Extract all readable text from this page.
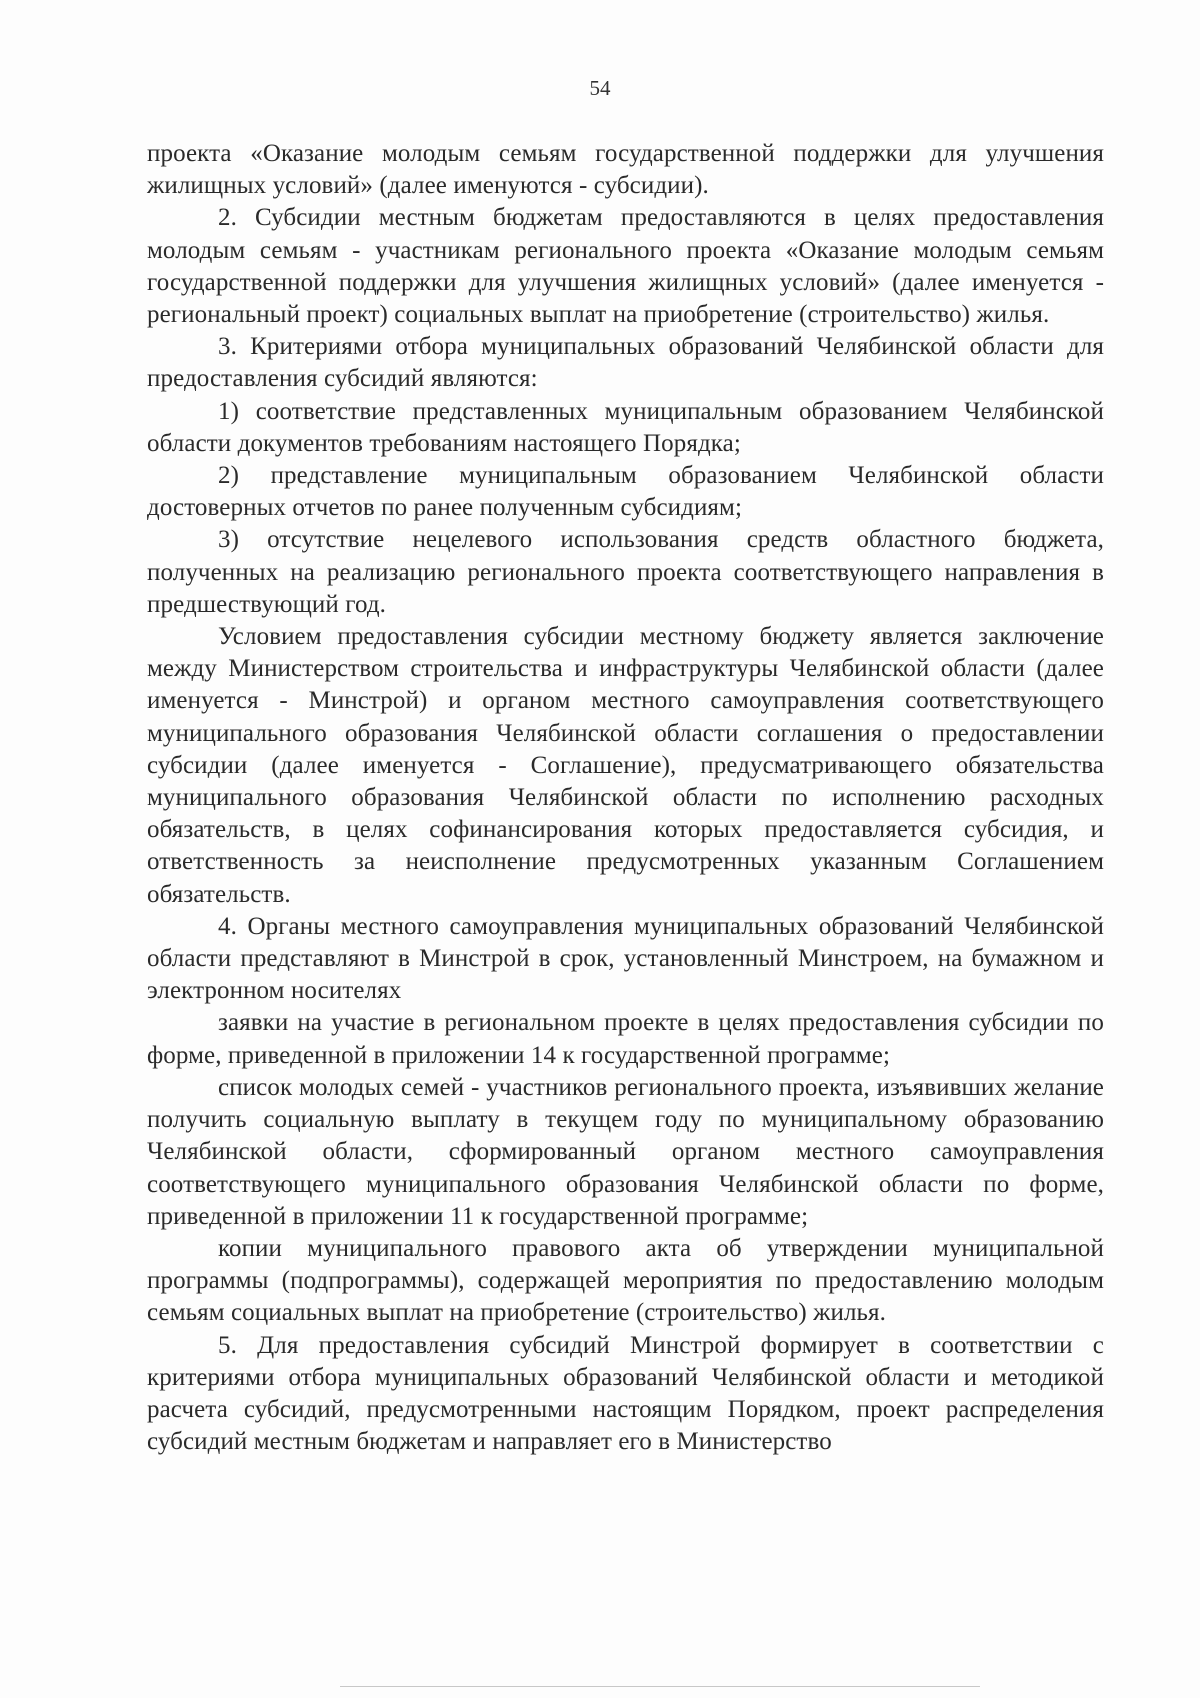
54

проекта «Оказание молодым семьям государственной поддержки для улучшения жилищных условий» (далее именуются - субсидии).

2. Субсидии местным бюджетам предоставляются в целях предоставления молодым семьям - участникам регионального проекта «Оказание молодым семьям государственной поддержки для улучшения жилищных условий» (далее именуется - региональный проект) социальных выплат на приобретение (строительство) жилья.

3. Критериями отбора муниципальных образований Челябинской области для предоставления субсидий являются:

1) соответствие представленных муниципальным образованием Челябинской области документов требованиям настоящего Порядка;

2) представление муниципальным образованием Челябинской области достоверных отчетов по ранее полученным субсидиям;

3) отсутствие нецелевого использования средств областного бюджета, полученных на реализацию регионального проекта соответствующего направления в предшествующий год.

Условием предоставления субсидии местному бюджету является заключение между Министерством строительства и инфраструктуры Челябинской области (далее именуется - Минстрой) и органом местного самоуправления соответствующего муниципального образования Челябинской области соглашения о предоставлении субсидии (далее именуется - Соглашение), предусматривающего обязательства муниципального образования Челябинской области по исполнению расходных обязательств, в целях софинансирования которых предоставляется субсидия, и ответственность за неисполнение предусмотренных указанным Соглашением обязательств.

4. Органы местного самоуправления муниципальных образований Челябинской области представляют в Минстрой в срок, установленный Минстроем, на бумажном и электронном носителях

заявки на участие в региональном проекте в целях предоставления субсидии по форме, приведенной в приложении 14 к государственной программе;

список молодых семей - участников регионального проекта, изъявивших желание получить социальную выплату в текущем году по муниципальному образованию Челябинской области, сформированный органом местного самоуправления соответствующего муниципального образования Челябинской области по форме, приведенной в приложении 11 к государственной программе;

копии муниципального правового акта об утверждении муниципальной программы (подпрограммы), содержащей мероприятия по предоставлению молодым семьям социальных выплат на приобретение (строительство) жилья.

5. Для предоставления субсидий Минстрой формирует в соответствии с критериями отбора муниципальных образований Челябинской области и методикой расчета субсидий, предусмотренными настоящим Порядком, проект распределения субсидий местным бюджетам и направляет его в Министерство
